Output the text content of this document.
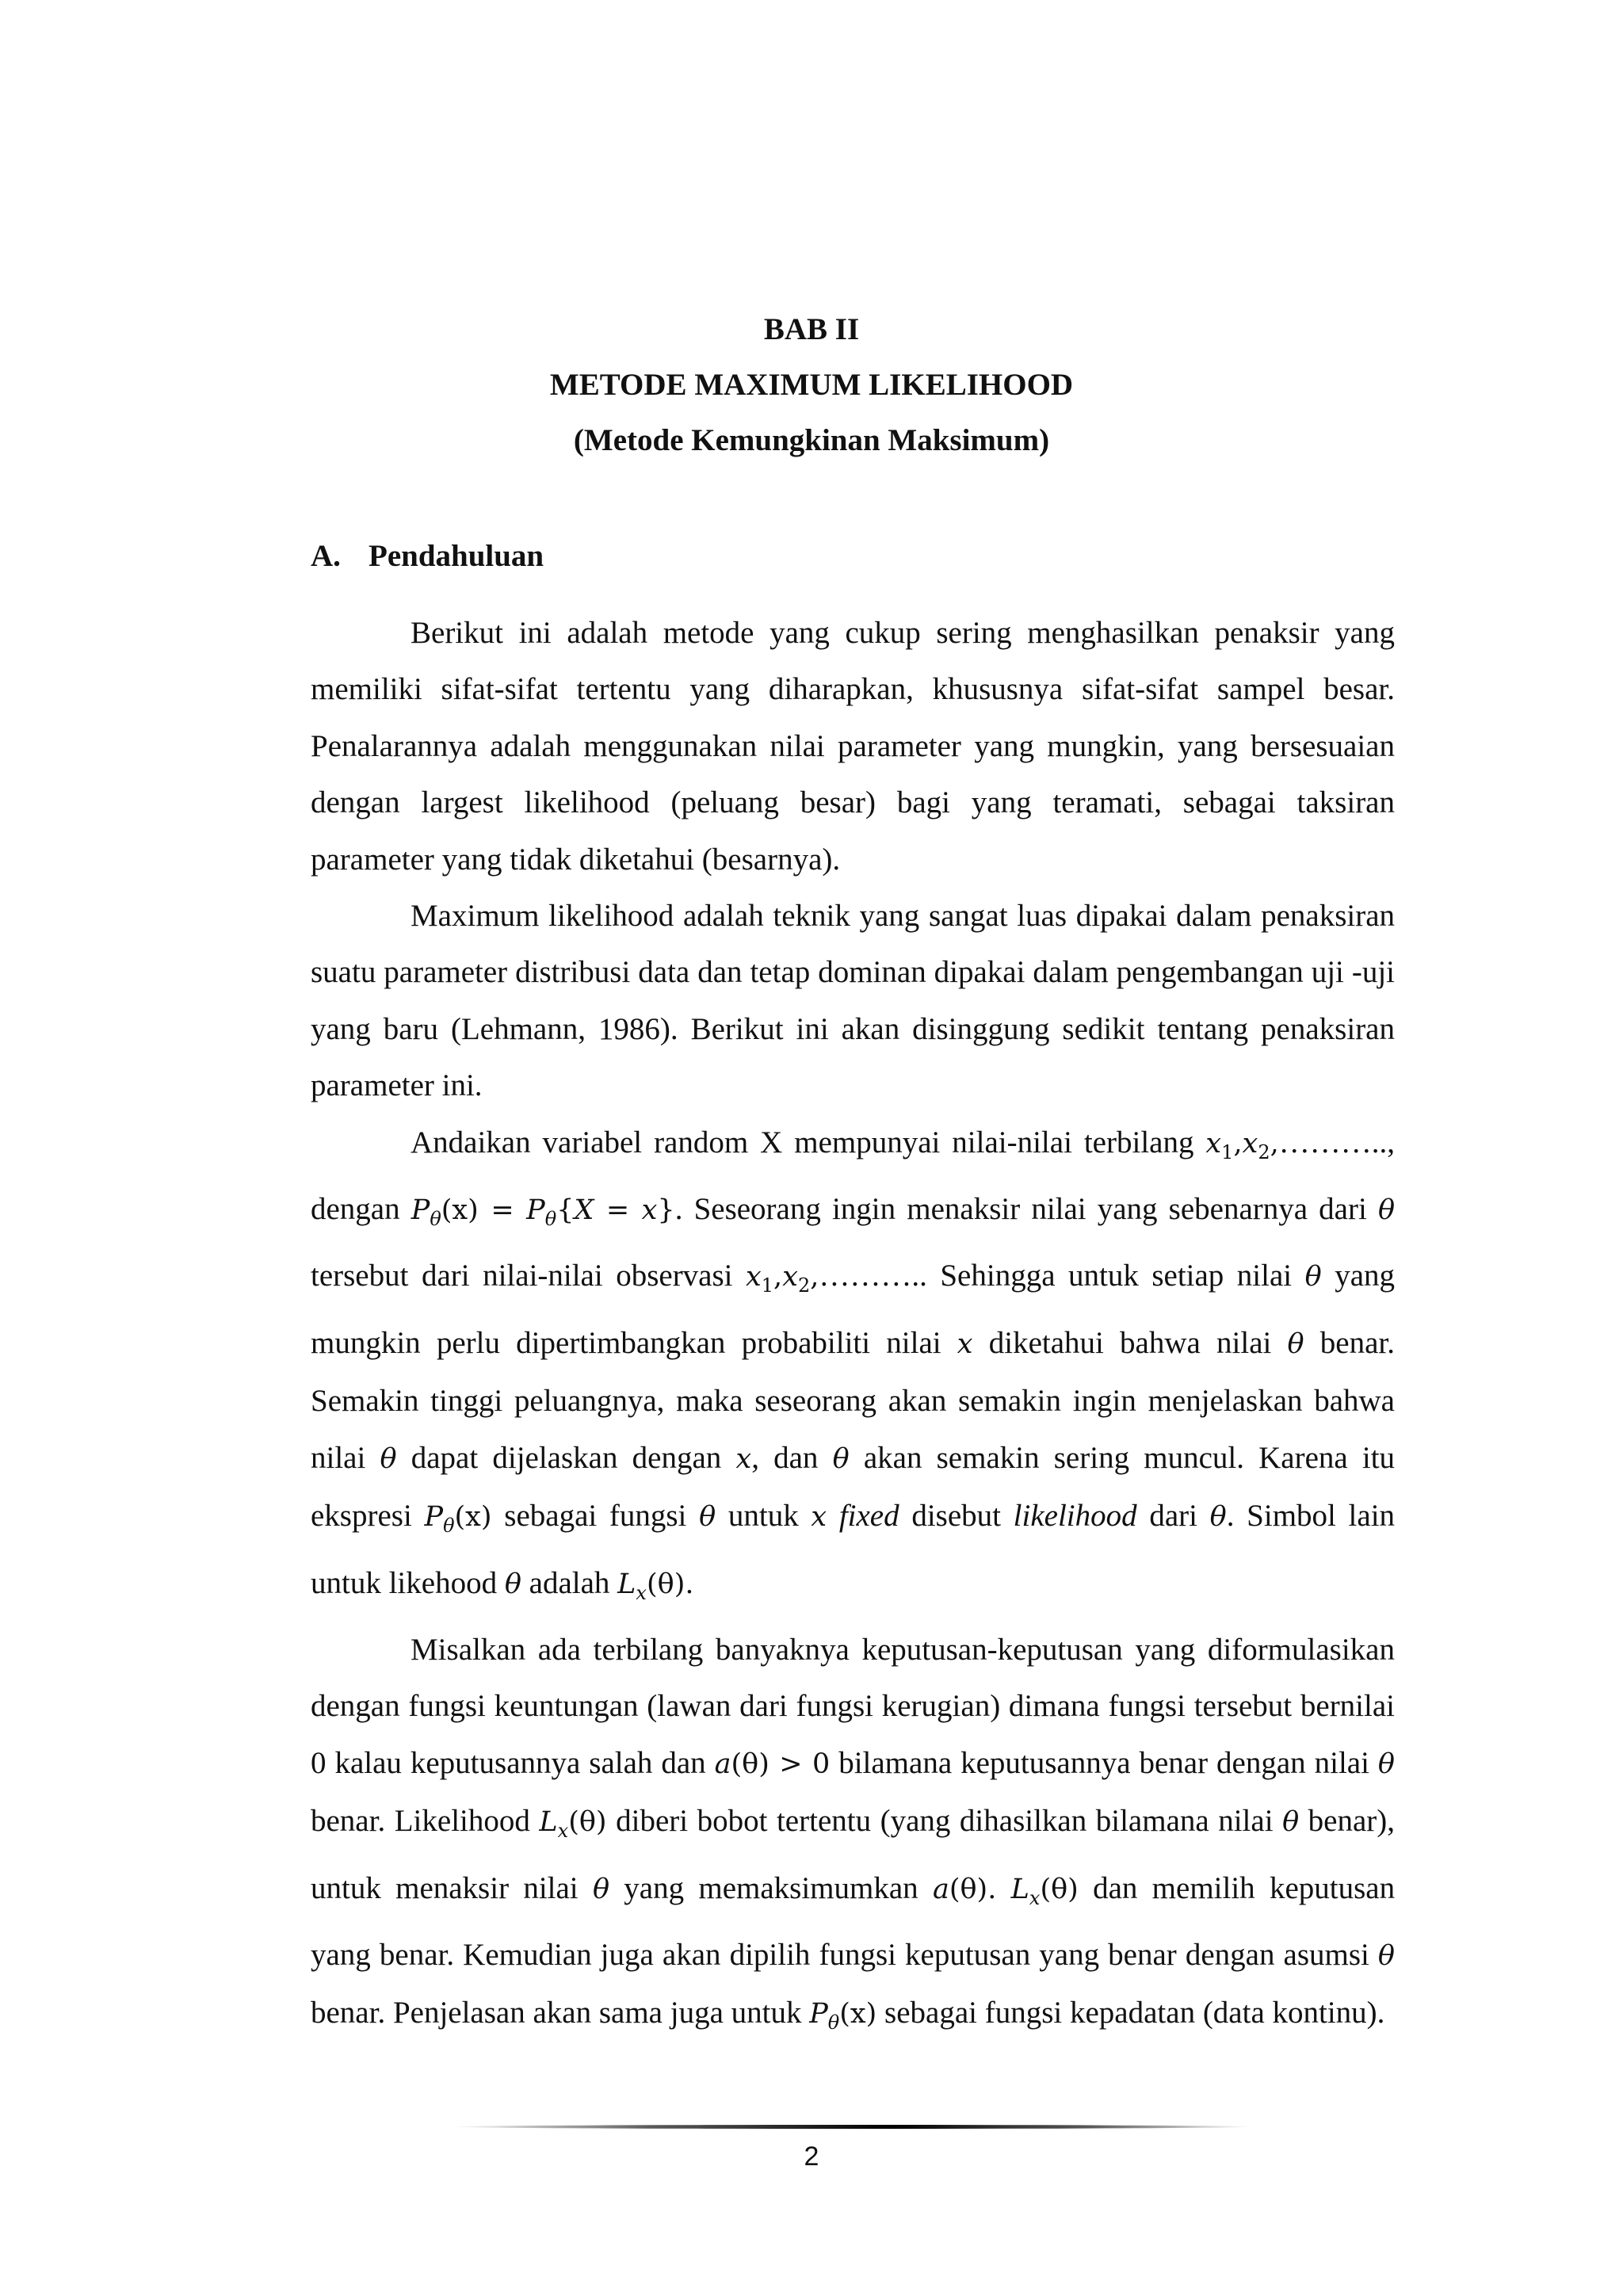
BAB II
METODE MAXIMUM LIKELIHOOD
(Metode Kemungkinan Maksimum)
A. Pendahuluan

Berikut ini adalah metode yang cukup sering menghasilkan penaksir yang memiliki sifat-sifat tertentu yang diharapkan, khususnya sifat-sifat sampel besar. Penalarannya adalah menggunakan nilai parameter yang mungkin, yang bersesuaian dengan largest likelihood (peluang besar) bagi yang teramati, sebagai taksiran parameter yang tidak diketahui (besarnya).

Maximum likelihood adalah teknik yang sangat luas dipakai dalam penaksiran suatu parameter distribusi data dan tetap dominan dipakai dalam pengembangan uji -uji yang baru (Lehmann, 1986). Berikut ini akan disinggung sedikit tentang penaksiran parameter ini.

Andaikan variabel random X mempunyai nilai-nilai terbilang $x_1,x_2,\dots\dots\dots$.., dengan $P_\theta(x) = P_\theta\{X = x\}$. Seseorang ingin menaksir nilai yang sebenarnya dari θ tersebut dari nilai-nilai observasi $x_1,x_2,\dots\dots\dots$.. Sehingga untuk setiap nilai θ yang mungkin perlu dipertimbangkan probabiliti nilai x diketahui bahwa nilai θ benar. Semakin tinggi peluangnya, maka seseorang akan semakin ingin menjelaskan bahwa nilai θ dapat dijelaskan dengan x, dan θ akan semakin sering muncul. Karena itu ekspresi $P_\theta(x)$ sebagai fungsi θ untuk x fixed disebut likelihood dari θ. Simbol lain untuk likehood θ adalah $L_x(\theta)$.

Misalkan ada terbilang banyaknya keputusan-keputusan yang diformulasikan dengan fungsi keuntungan (lawan dari fungsi kerugian) dimana fungsi tersebut bernilai 0 kalau keputusannya salah dan a(θ) > 0 bilamana keputusannya benar dengan nilai θ benar. Likelihood $L_x(\theta)$ diberi bobot tertentu (yang dihasilkan bilamana nilai θ benar), untuk menaksir nilai θ yang memaksimumkan a(θ). $L_x(\theta)$ dan memilih keputusan yang benar. Kemudian juga akan dipilih fungsi keputusan yang benar dengan asumsi θ benar. Penjelasan akan sama juga untuk $P_\theta(x)$ sebagai fungsi kepadatan (data kontinu).

2
